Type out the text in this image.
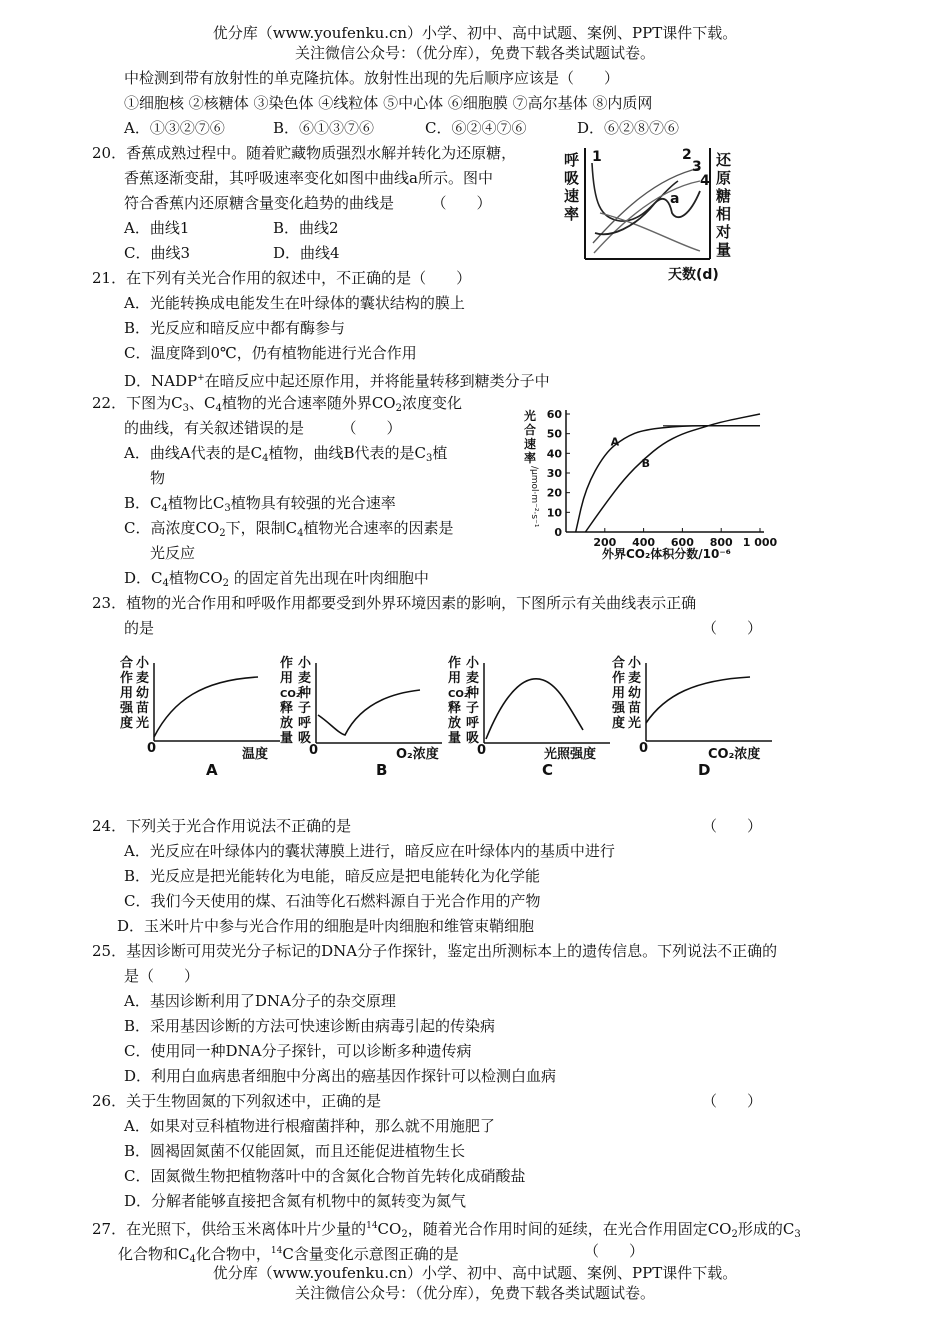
优分库（www.youfenku.cn）小学、初中、高中试题、案例、PPT课件下载。
关注微信公众号：（优分库），免费下载各类试题试卷。
中检测到带有放射性的单克隆抗体。放射性出现的先后顺序应该是（　　）
①细胞核 ②核糖体 ③染色体 ④线粒体 ⑤中心体 ⑥细胞膜 ⑦高尔基体 ⑧内质网
A．①③②⑦⑥	B．⑥①③⑦⑥	C．⑥②④⑦⑥	D．⑥②⑧⑦⑥
20．香蕉成熟过程中。随着贮藏物质强烈水解并转化为还原糖，
香蕉逐渐变甜，其呼吸速率变化如图中曲线a所示。图中
符合香蕉内还原糖含量变化趋势的曲线是　　　（　　）
A．曲线1	B．曲线2
C．曲线3	D．曲线4
呼
吸
速
率
还
原
糖
相
对
量
1	2
3
4
a
天数(d)
21．在下列有关光合作用的叙述中，不正确的是（　　）
A．光能转换成电能发生在叶绿体的囊状结构的膜上
B．光反应和暗反应中都有酶参与
C．温度降到0℃，仍有植物能进行光合作用
D．NADP+在暗反应中起还原作用，并将能量转移到糖类分子中
22．下图为$C_3$、$C_4$植物的光合速率随外界$CO_2$浓度变化
的曲线，有关叙述错误的是　　　（　　）
A．曲线A代表的是$C_4$植物，曲线B代表的是$C_3$植
物
B．$C_4$植物比$C_3$植物具有较强的光合速率
C．高浓度$CO_2$下，限制$C_4$植物光合速率的因素是
光反应
D．$C_4$植物$CO_2$ 的固定首先出现在叶肉细胞中
光
合
速
率
/μmol·m⁻²·s⁻¹
60
50
40
30
20
10
0
200 400 600 800 1 000
A
B
外界CO₂体积分数/10⁻⁶
23．植物的光合作用和呼吸作用都要受到外界环境因素的影响，下图所示有关曲线表示正确
的是	（　　）
小麦幼苗光 合作用强度
0	温度
A
小麦种子呼吸 作用 CO₂ 释放量
0	O₂浓度
B
小麦种子呼吸 作用 CO₂ 释放量
0	光照强度
C
小麦幼苗光 合作用强度
0	CO₂浓度
D
24．下列关于光合作用说法不正确的是	（　　）
A．光反应在叶绿体内的囊状薄膜上进行，暗反应在叶绿体内的基质中进行
B．光反应是把光能转化为电能，暗反应是把电能转化为化学能
C．我们今天使用的煤、石油等化石燃料源自于光合作用的产物
D．玉米叶片中参与光合作用的细胞是叶肉细胞和维管束鞘细胞
25．基因诊断可用荧光分子标记的DNA分子作探针，鉴定出所测标本上的遗传信息。下列说法不正确的
是（　　）
A．基因诊断利用了DNA分子的杂交原理
B．采用基因诊断的方法可快速诊断由病毒引起的传染病
C．使用同一种DNA分子探针，可以诊断多种遗传病
D．利用白血病患者细胞中分离出的癌基因作探针可以检测白血病
26．关于生物固氮的下列叙述中，正确的是	（　　）
A．如果对豆科植物进行根瘤菌拌种，那么就不用施肥了
B．圆褐固氮菌不仅能固氮，而且还能促进植物生长
C．固氮微生物把植物落叶中的含氮化合物首先转化成硝酸盐
D．分解者能够直接把含氮有机物中的氮转变为氮气
27．在光照下，供给玉米离体叶片少量的$^{14}CO_2$，随着光合作用时间的延续，在光合作用固定$CO_2$形成的$C_3$
化合物和$C_4$化合物中，$^{14}$C含量变化示意图正确的是	（　　）
优分库（www.youfenku.cn）小学、初中、高中试题、案例、PPT课件下载。
关注微信公众号：（优分库），免费下载各类试题试卷。
